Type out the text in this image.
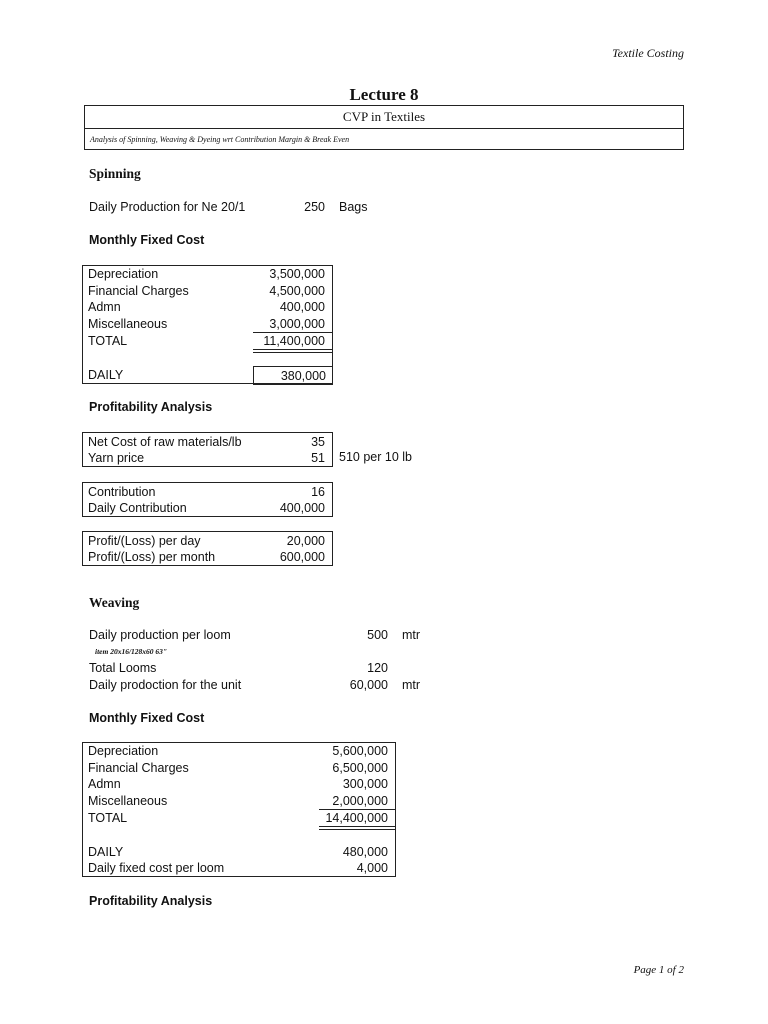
Textile Costing
Lecture 8
CVP in Textiles
Analysis of Spinning, Weaving & Dyeing wrt Contribution Margin & Break Even
Spinning
Daily Production for Ne 20/1	250 Bags
Monthly Fixed Cost
Depreciation	3,500,000
Financial Charges	4,500,000
Admn	400,000
Miscellaneous	3,000,000
TOTAL	11,400,000
DAILY	380,000
Profitability Analysis
Net Cost of raw materials/lb	35
Yarn price	51 510 per 10 lb
Contribution	16
Daily Contribution	400,000
Profit/(Loss) per day	20,000
Profit/(Loss) per month	600,000
Weaving
Daily production per loom	500 mtr
item 20x16/128x60 63"
Total Looms	120
Daily prodoction for the unit	60,000 mtr
Monthly Fixed Cost
Depreciation	5,600,000
Financial Charges	6,500,000
Admn	300,000
Miscellaneous	2,000,000
TOTAL	14,400,000
DAILY	480,000
Daily fixed cost per loom	4,000
Profitability Analysis
Page 1 of 2
